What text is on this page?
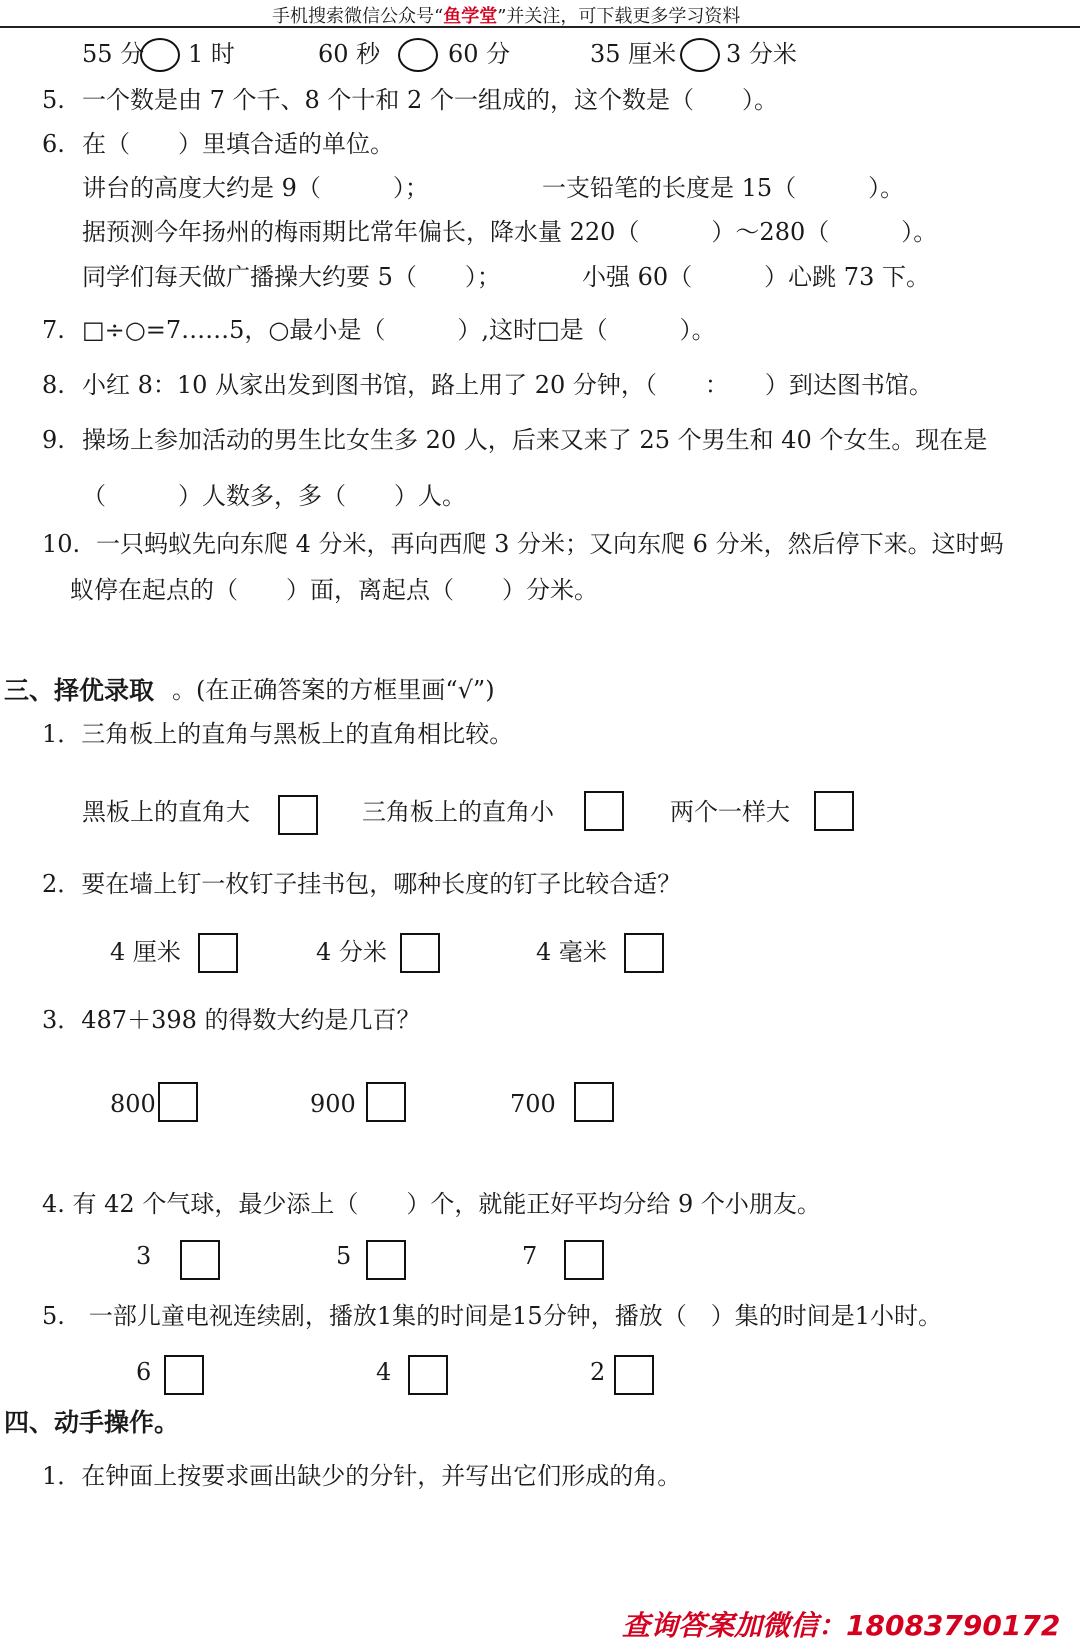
手机搜索微信公众号“鱼学堂”并关注，可下载更多学习资料
55 分 1 时	60 秒	60 分	35 厘米 3 分米
5. 一个数是由 7 个千、8 个十和 2 个一组成的，这个数是（　　）。
6. 在（　　）里填合适的单位。
讲台的高度大约是 9（　　　）；	一支铅笔的长度是 15（　　　）。
据预测今年扬州的梅雨期比常年偏长，降水量 220（　　　）～280（　　　）。
同学们每天做广播操大约要 5（　　）；	小强 60（　　　）心跳 73 下。
7. □÷○=7……5，○最小是（　　　）,这时□是（　　　）。
8. 小红 8：10 从家出发到图书馆，路上用了 20 分钟，（　　：　　）到达图书馆。
9. 操场上参加活动的男生比女生多 20 人，后来又来了 25 个男生和 40 个女生。现在是
（　　　）人数多，多（　　）人。
10. 一只蚂蚁先向东爬 4 分米，再向西爬 3 分米；又向东爬 6 分米，然后停下来。这时蚂
蚁停在起点的（　　）面，离起点（　　）分米。
三、择优录取 。(在正确答案的方框里画“√”)
1．三角板上的直角与黑板上的直角相比较。
黑板上的直角大	三角板上的直角小	两个一样大
2．要在墙上钉一枚钉子挂书包，哪种长度的钉子比较合适？
4 厘米	4 分米	4 毫米
3．487＋398 的得数大约是几百？
800	900	700
4. 有 42 个气球，最少添上（　　）个，就能正好平均分给 9 个小朋友。
3	5	7
5.　一部儿童电视连续剧，播放1集的时间是15分钟，播放（　）集的时间是1小时。
6	4	2
四、动手操作。
1．在钟面上按要求画出缺少的分针，并写出它们形成的角。
查询答案加微信：18083790172
